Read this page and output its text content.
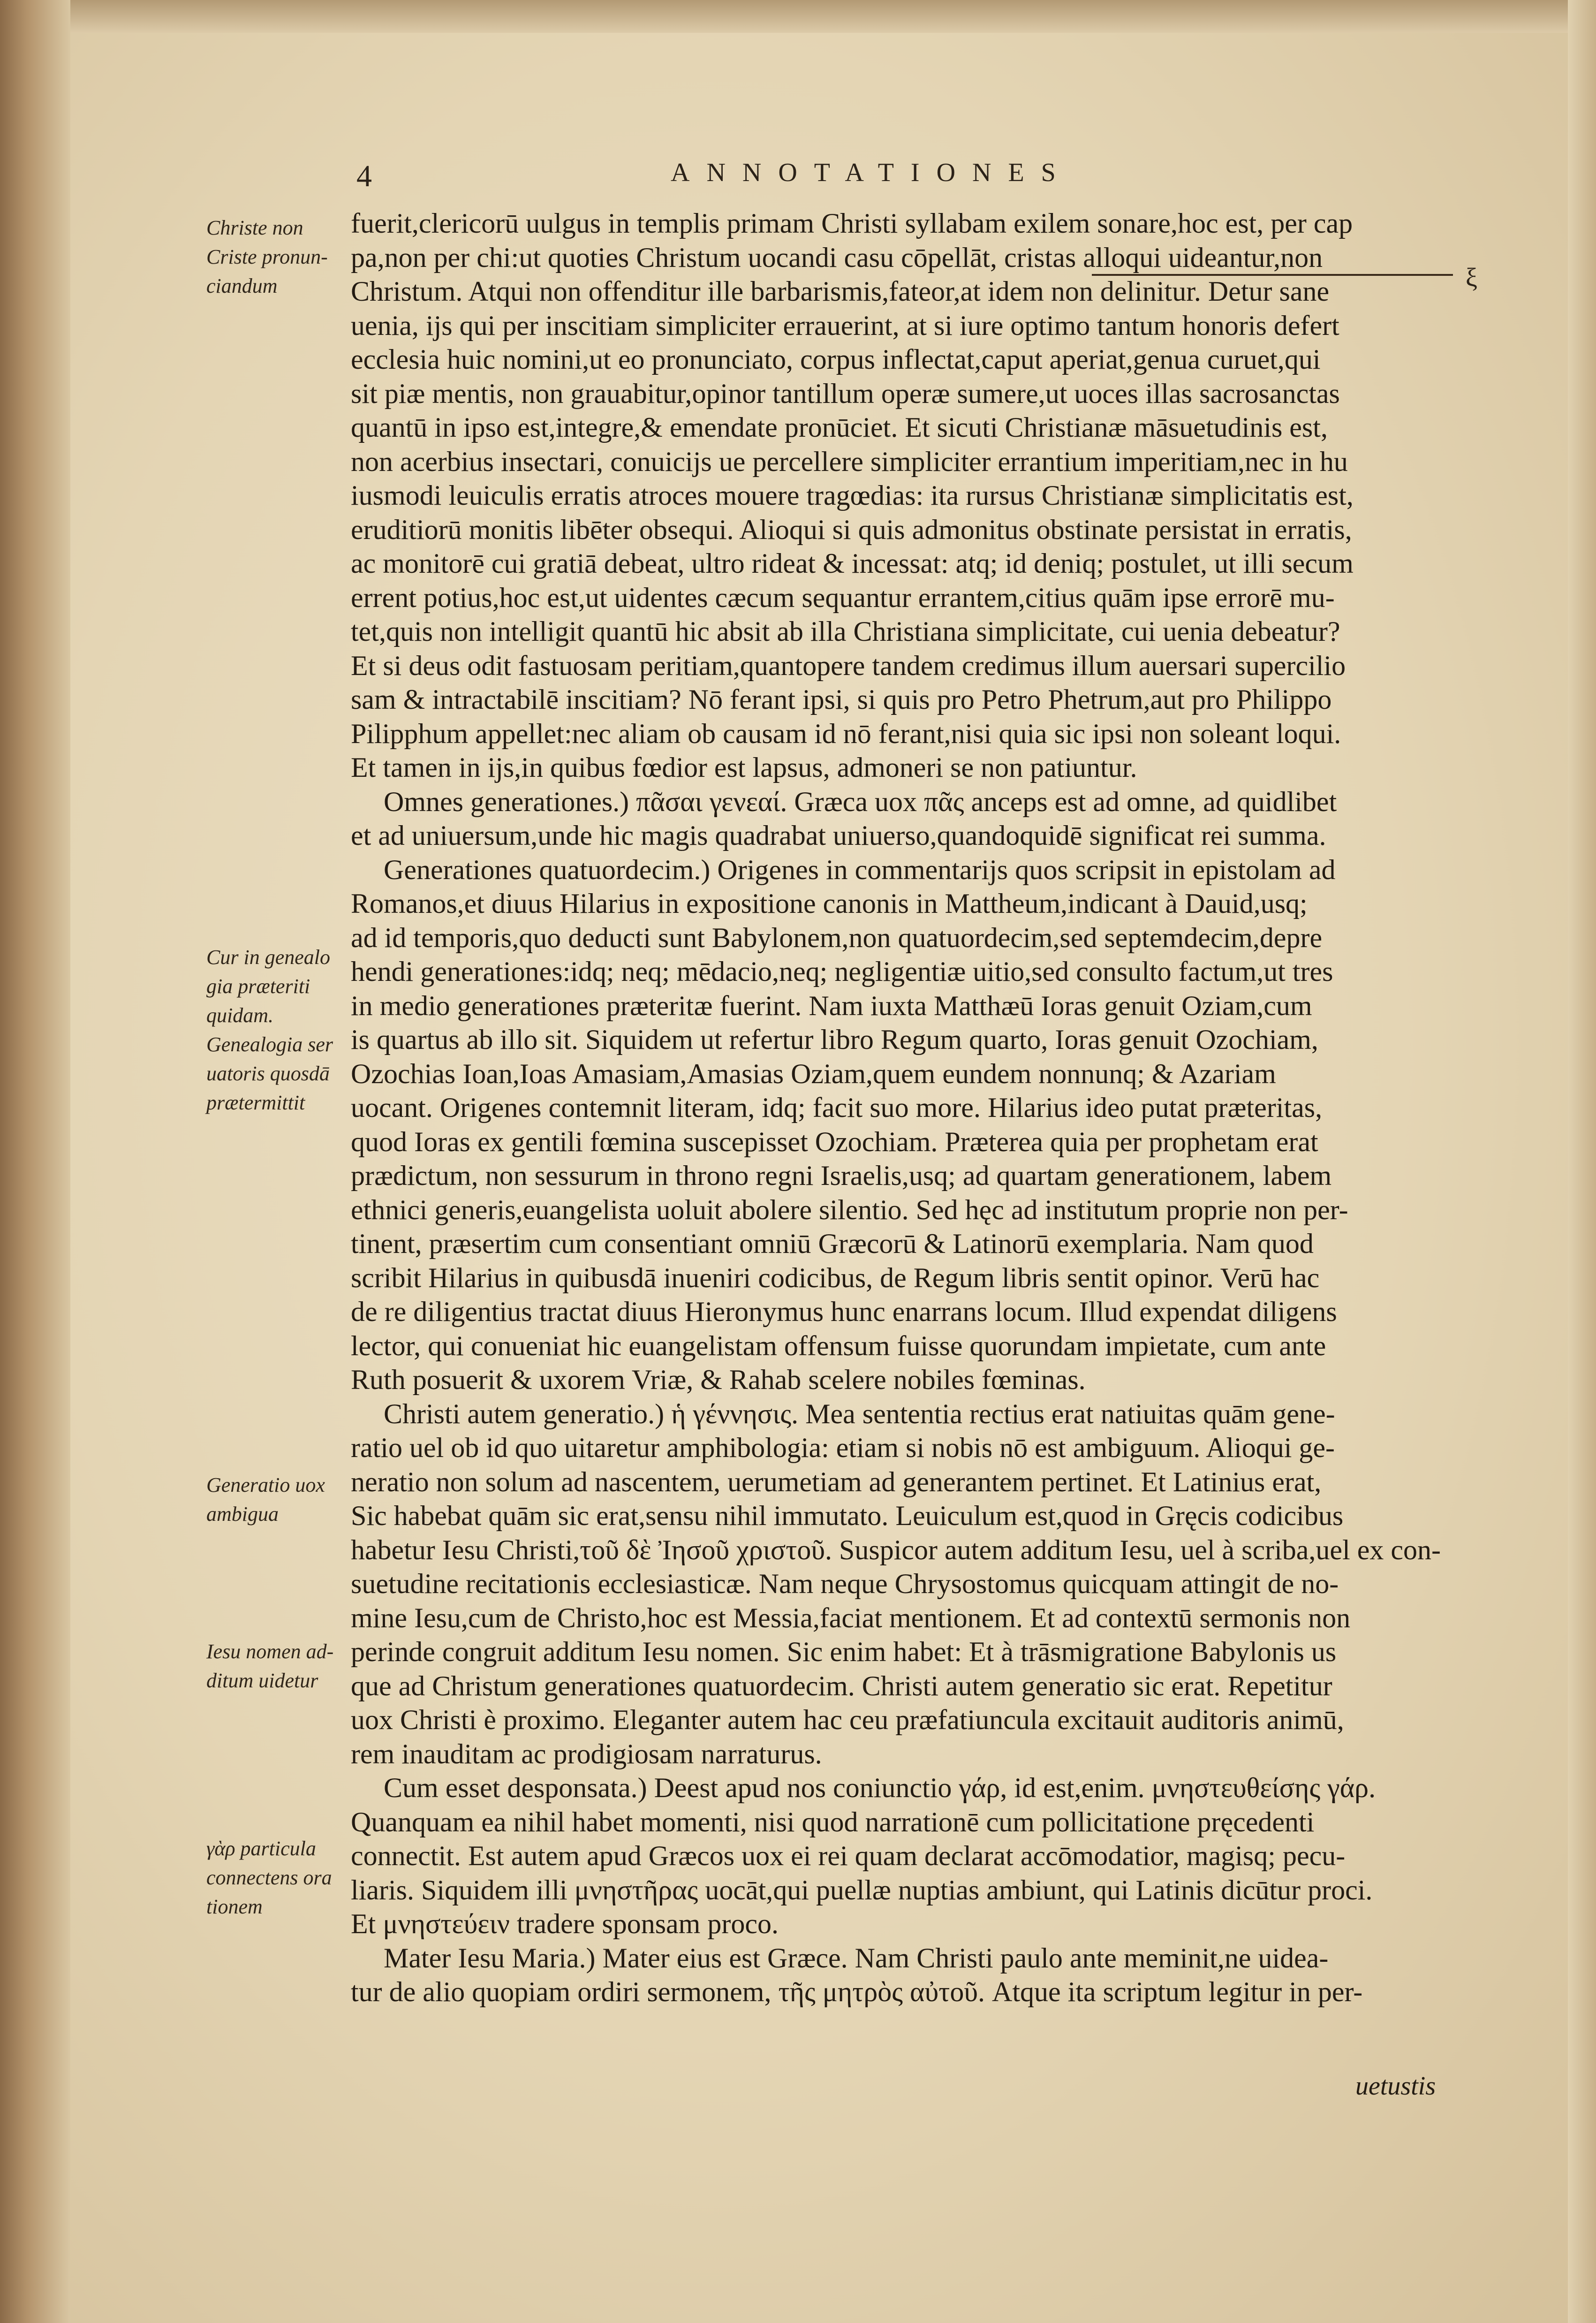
4	ANNOTATIONES
ξ
Christe non
Criste pronun-
ciandum
Cur in genealo
gia præteriti
quidam.
Genealogia ser
uatoris quosdā
prætermittit
Generatio uox
ambigua
Iesu nomen ad-
ditum uidetur
γὰρ particula
connectens ora
tionem
fuerit,clericorū uulgus in templis primam Christi syllabam exilem sonare,hoc est, per cap
pa,non per chi:ut quoties Christum uocandi casu cōpellāt, cristas alloqui uideantur,non
Christum. Atqui non offenditur ille barbarismis,fateor,at idem non delinitur. Detur sane
uenia, ijs qui per inscitiam simpliciter errauerint, at si iure optimo tantum honoris defert
ecclesia huic nomini,ut eo pronunciato, corpus inflectat,caput aperiat,genua curuet,qui
sit piæ mentis, non grauabitur,opinor tantillum operæ sumere,ut uoces illas sacrosanctas
quantū in ipso est,integre,& emendate pronūciet. Et sicuti Christianæ māsuetudinis est,
non acerbius insectari, conuicijs ue percellere simpliciter errantium imperitiam,nec in hu
iusmodi leuiculis erratis atroces mouere tragœdias: ita rursus Christianæ simplicitatis est,
eruditiorū monitis libēter obsequi. Alioqui si quis admonitus obstinate persistat in erratis,
ac monitorē cui gratiā debeat, ultro rideat & incessat: atq; id deniq; postulet, ut illi secum
errent potius,hoc est,ut uidentes cæcum sequantur errantem,citius quām ipse errorē mu-
tet,quis non intelligit quantū hic absit ab illa Christiana simplicitate, cui uenia debeatur?
Et si deus odit fastuosam peritiam,quantopere tandem credimus illum auersari supercilio
sam & intractabilē inscitiam? Nō ferant ipsi, si quis pro Petro Phetrum,aut pro Philippo
Pilipphum appellet:nec aliam ob causam id nō ferant,nisi quia sic ipsi non soleant loqui.
Et tamen in ijs,in quibus fœdior est lapsus, admoneri se non patiuntur.
Omnes generationes.) πᾶσαι γενεαί. Græca uox πᾶς anceps est ad omne, ad quidlibet
et ad uniuersum,unde hic magis quadrabat uniuerso,quandoquidē significat rei summa.
Generationes quatuordecim.) Origenes in commentarijs quos scripsit in epistolam ad
Romanos,et diuus Hilarius in expositione canonis in Mattheum,indicant à Dauid,usq;
ad id temporis,quo deducti sunt Babylonem,non quatuordecim,sed septemdecim,depre
hendi generationes:idq; neq; mēdacio,neq; negligentiæ uitio,sed consulto factum,ut tres
in medio generationes præteritæ fuerint. Nam iuxta Matthæū Ioras genuit Oziam,cum
is quartus ab illo sit. Siquidem ut refertur libro Regum quarto, Ioras genuit Ozochiam,
Ozochias Ioan,Ioas Amasiam,Amasias Oziam,quem eundem nonnunq; & Azariam
uocant. Origenes contemnit literam, idq; facit suo more. Hilarius ideo putat præteritas,
quod Ioras ex gentili fœmina suscepisset Ozochiam. Præterea quia per prophetam erat
prædictum, non sessurum in throno regni Israelis,usq; ad quartam generationem, labem
ethnici generis,euangelista uoluit abolere silentio. Sed hęc ad institutum proprie non per-
tinent, præsertim cum consentiant omniū Græcorū & Latinorū exemplaria. Nam quod
scribit Hilarius in quibusdā inueniri codicibus, de Regum libris sentit opinor. Verū hac
de re diligentius tractat diuus Hieronymus hunc enarrans locum. Illud expendat diligens
lector, qui conueniat hic euangelistam offensum fuisse quorundam impietate, cum ante
Ruth posuerit & uxorem Vriæ, & Rahab scelere nobiles fœminas.
Christi autem generatio.) ἡ γέννησις. Mea sententia rectius erat natiuitas quām gene-
ratio uel ob id quo uitaretur amphibologia: etiam si nobis nō est ambiguum. Alioqui ge-
neratio non solum ad nascentem, uerumetiam ad generantem pertinet. Et Latinius erat,
Sic habebat quām sic erat,sensu nihil immutato. Leuiculum est,quod in Gręcis codicibus
habetur Iesu Christi,τοῦ δὲ Ἰησοῦ χριστοῦ. Suspicor autem additum Iesu, uel à scriba,uel ex con-
suetudine recitationis ecclesiasticæ. Nam neque Chrysostomus quicquam attingit de no-
mine Iesu,cum de Christo,hoc est Messia,faciat mentionem. Et ad contextū sermonis non
perinde congruit additum Iesu nomen. Sic enim habet: Et à trāsmigratione Babylonis us
que ad Christum generationes quatuordecim. Christi autem generatio sic erat. Repetitur
uox Christi è proximo. Eleganter autem hac ceu præfatiuncula excitauit auditoris animū,
rem inauditam ac prodigiosam narraturus.
Cum esset desponsata.) Deest apud nos coniunctio γάρ, id est,enim. μνηστευθείσης γάρ.
Quanquam ea nihil habet momenti, nisi quod narrationē cum pollicitatione pręcedenti
connectit. Est autem apud Græcos uox ei rei quam declarat accōmodatior, magisq; pecu-
liaris. Siquidem illi μνηστῆρας uocāt,qui puellæ nuptias ambiunt, qui Latinis dicūtur proci.
Et μνηστεύειν tradere sponsam proco.
Mater Iesu Maria.) Mater eius est Græce. Nam Christi paulo ante meminit,ne uidea-
tur de alio quopiam ordiri sermonem, τῆς μητρὸς αὐτοῦ. Atque ita scriptum legitur in per-
uetustis
